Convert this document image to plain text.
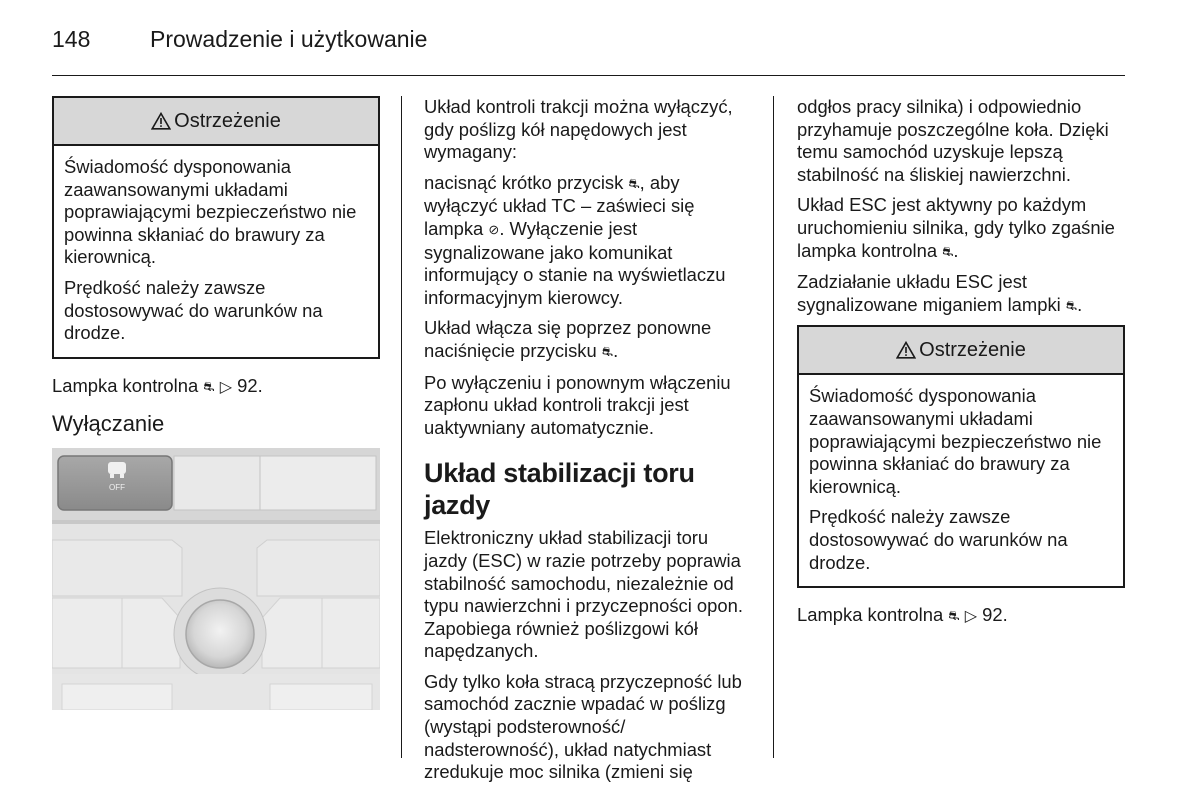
148	Prowadzenie i użytkowanie
Ostrzeżenie

Świadomość dysponowania zaawansowanymi układami poprawiającymi bezpieczeństwo nie powinna skłaniać do brawury za kierownicą.

Prędkość należy zawsze dostosowywać do warunków na drodze.

Lampka kontrolna ⛐ ▷ 92.

Wyłączanie
OFF

Układ kontroli trakcji można wyłączyć, gdy poślizg kół napędowych jest wymagany:

nacisnąć krótko przycisk ⛐, aby wyłączyć układ TC – zaświeci się lampka ⊘. Wyłączenie jest sygnalizowane jako komunikat informujący o stanie na wyświetlaczu informacyjnym kierowcy.

Układ włącza się poprzez ponowne naciśnięcie przycisku ⛐.

Po wyłączeniu i ponownym włączeniu zapłonu układ kontroli trakcji jest uaktywniany automatycznie.

Układ stabilizacji toru jazdy

Elektroniczny układ stabilizacji toru jazdy (ESC) w razie potrzeby poprawia stabilność samochodu, niezależnie od typu nawierzchni i przyczepności opon. Zapobiega również poślizgowi kół napędzanych.

Gdy tylko koła stracą przyczepność lub samochód zacznie wpadać w poślizg (wystąpi podsterowność/ nadsterowność), układ natychmiast zredukuje moc silnika (zmieni się

odgłos pracy silnika) i odpowiednio przyhamuje poszczególne koła. Dzięki temu samochód uzyskuje lepszą stabilność na śliskiej nawierzchni.

Układ ESC jest aktywny po każdym uruchomieniu silnika, gdy tylko zgaśnie lampka kontrolna ⛐.

Zadziałanie układu ESC jest sygnalizowane miganiem lampki ⛐.

Ostrzeżenie

Świadomość dysponowania zaawansowanymi układami poprawiającymi bezpieczeństwo nie powinna skłaniać do brawury za kierownicą.

Prędkość należy zawsze dostosowywać do warunków na drodze.

Lampka kontrolna ⛐ ▷ 92.
